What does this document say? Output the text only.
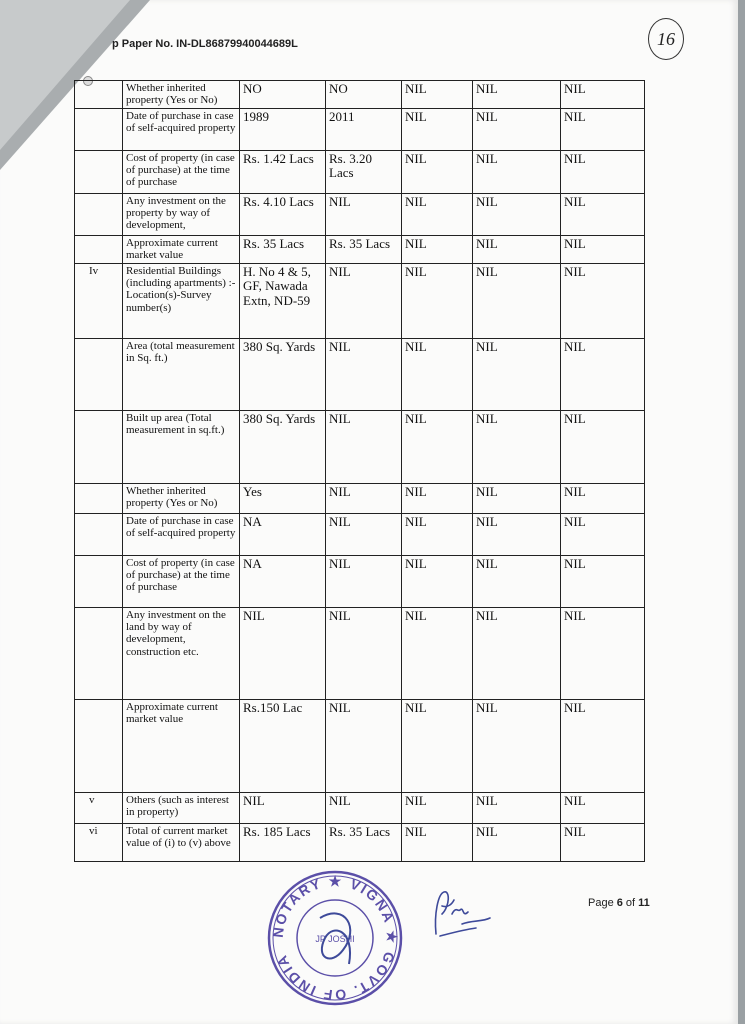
p Paper No. IN-DL86879940044689L	16
	Whether inherited property (Yes or No)	NO	NO	NIL	NIL	NIL
	Date of purchase in case of self-acquired property	1989	2011	NIL	NIL	NIL
	Cost of property (in case of purchase) at the time of purchase	Rs. 1.42 Lacs	Rs. 3.20 Lacs	NIL	NIL	NIL
	Any investment on the property by way of development,	Rs. 4.10 Lacs	NIL	NIL	NIL	NIL
	Approximate current market value	Rs. 35 Lacs	Rs. 35 Lacs	NIL	NIL	NIL
Iv	Residential Buildings (including apartments) :- Location(s)-Survey number(s)	H. No 4 & 5, GF, Nawada Extn, ND-59	NIL	NIL	NIL	NIL
	Area (total measurement in Sq. ft.)	380 Sq. Yards	NIL	NIL	NIL	NIL
	Built up area (Total measurement in sq.ft.)	380 Sq. Yards	NIL	NIL	NIL	NIL
	Whether inherited property (Yes or No)	Yes	NIL	NIL	NIL	NIL
	Date of purchase in case of self-acquired property	NA	NIL	NIL	NIL	NIL
	Cost of property (in case of purchase) at the time of purchase	NA	NIL	NIL	NIL	NIL
	Any investment on the land by way of development, construction etc.	NIL	NIL	NIL	NIL	NIL
	Approximate current market value	Rs.150 Lac	NIL	NIL	NIL	NIL
v	Others (such as interest in property)	NIL	NIL	NIL	NIL	NIL
vi	Total of current market value of (i) to (v) above	Rs. 185 Lacs	Rs. 35 Lacs	NIL	NIL	NIL
Page 6 of 11
NOTARY ★ VIGNA ★ GOVT. OF INDIA
JP JOSHI
